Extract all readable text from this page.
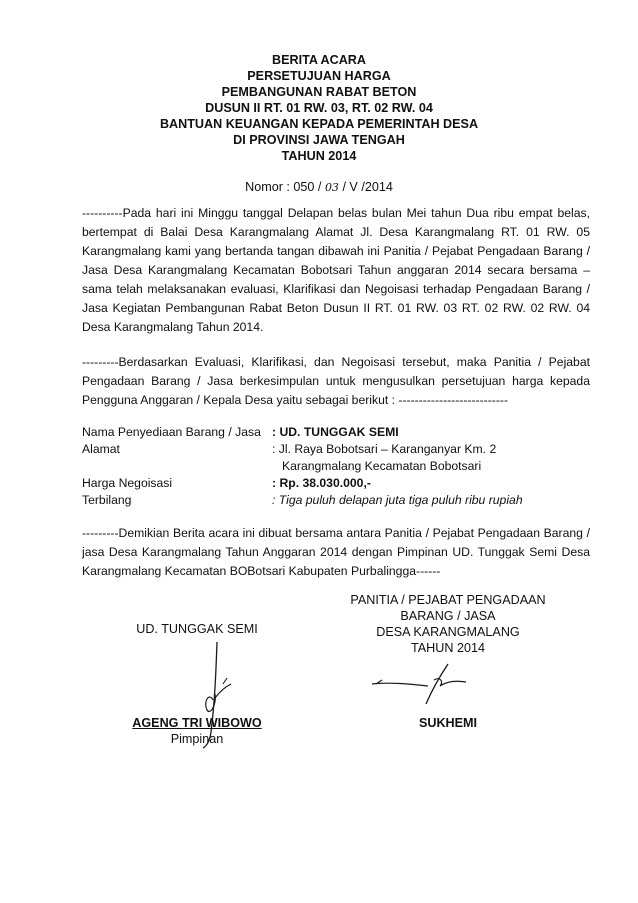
BERITA ACARA
PERSETUJUAN HARGA
PEMBANGUNAN RABAT BETON
DUSUN II RT. 01 RW. 03, RT. 02 RW. 04
BANTUAN KEUANGAN KEPADA PEMERINTAH DESA
DI PROVINSI JAWA TENGAH
TAHUN 2014
Nomor : 050 / 03 / V /2014
----------Pada hari ini Minggu tanggal Delapan belas bulan Mei tahun Dua ribu empat belas, bertempat di Balai Desa Karangmalang Alamat Jl. Desa Karangmalang RT. 01 RW. 05 Karangmalang kami yang bertanda tangan dibawah ini Panitia / Pejabat Pengadaan Barang / Jasa Desa Karangmalang Kecamatan Bobotsari Tahun anggaran 2014 secara bersama – sama telah melaksanakan evaluasi, Klarifikasi dan Negoisasi terhadap Pengadaan Barang / Jasa Kegiatan Pembangunan Rabat Beton Dusun II RT. 01 RW. 03 RT. 02 RW. 02 RW. 04 Desa Karangmalang Tahun 2014.
---------Berdasarkan Evaluasi, Klarifikasi, dan Negoisasi tersebut, maka Panitia / Pejabat Pengadaan Barang / Jasa berkesimpulan untuk mengusulkan persetujuan harga kepada Pengguna Anggaran / Kepala Desa yaitu sebagai berikut : ---------------------------
Nama Penyediaan Barang / Jasa : UD. TUNGGAK SEMI
Alamat	: Jl. Raya Bobotsari – Karanganyar Km. 2
Karangmalang Kecamatan Bobotsari
Harga Negoisasi	: Rp. 38.030.000,-
Terbilang	: Tiga puluh delapan juta tiga puluh ribu rupiah
---------Demikian Berita acara ini dibuat bersama antara Panitia / Pejabat Pengadaan Barang / jasa Desa Karangmalang Tahun Anggaran 2014 dengan Pimpinan UD. Tunggak Semi Desa Karangmalang Kecamatan BOBotsari Kabupaten Purbalingga------
UD. TUNGGAK SEMI
PANITIA / PEJABAT PENGADAAN
BARANG / JASA
DESA KARANGMALANG
TAHUN 2014
AGENG TRI WIBOWO
Pimpinan
SUKHEMI
